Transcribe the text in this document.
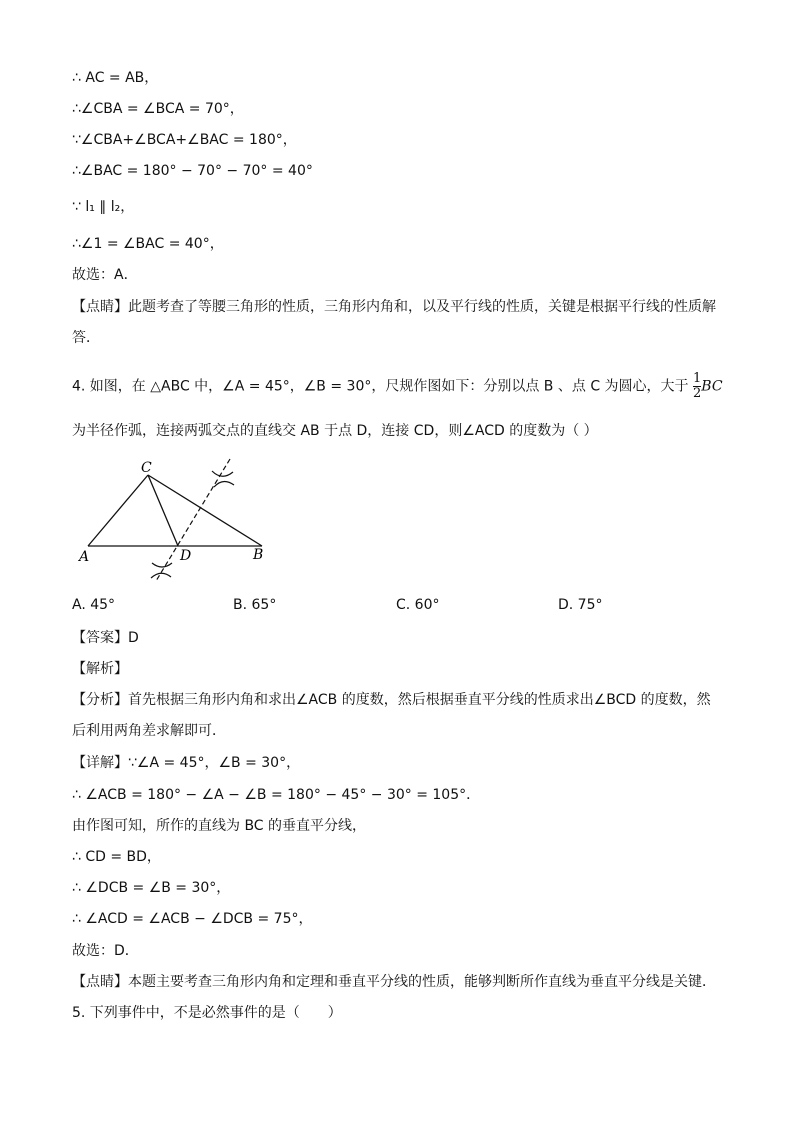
∴ AC = AB，
∴∠CBA = ∠BCA = 70°，
∵∠CBA+∠BCA+∠BAC = 180°，
∴∠BAC = 180° − 70° − 70° = 40°
∵ l₁ ∥ l₂，
∴∠1 = ∠BAC = 40°，
故选：A．
【点睛】此题考查了等腰三角形的性质，三角形内角和，以及平行线的性质，关键是根据平行线的性质解
答．
4. 如图，在 △ABC 中，∠A = 45°，∠B = 30°，尺规作图如下：分别以点 B 、点 C 为圆心，大于 $\frac{1}{2}$ BC
为半径作弧，连接两弧交点的直线交 AB 于点 D，连接 CD，则∠ACD 的度数为（ ）
A	B
C
D
A. 45°	B. 65°	C. 60°	D. 75°
【答案】D
【解析】
【分析】首先根据三角形内角和求出∠ACB 的度数，然后根据垂直平分线的性质求出∠BCD 的度数，然
后利用两角差求解即可．
【详解】∵∠A = 45°，∠B = 30°，
∴ ∠ACB = 180° − ∠A − ∠B = 180° − 45° − 30° = 105°．
由作图可知，所作的直线为 BC 的垂直平分线，
∴ CD = BD，
∴ ∠DCB = ∠B = 30°，
∴ ∠ACD = ∠ACB − ∠DCB = 75°，
故选：D．
【点睛】本题主要考查三角形内角和定理和垂直平分线的性质，能够判断所作直线为垂直平分线是关键．
5. 下列事件中，不是必然事件的是（　　）
